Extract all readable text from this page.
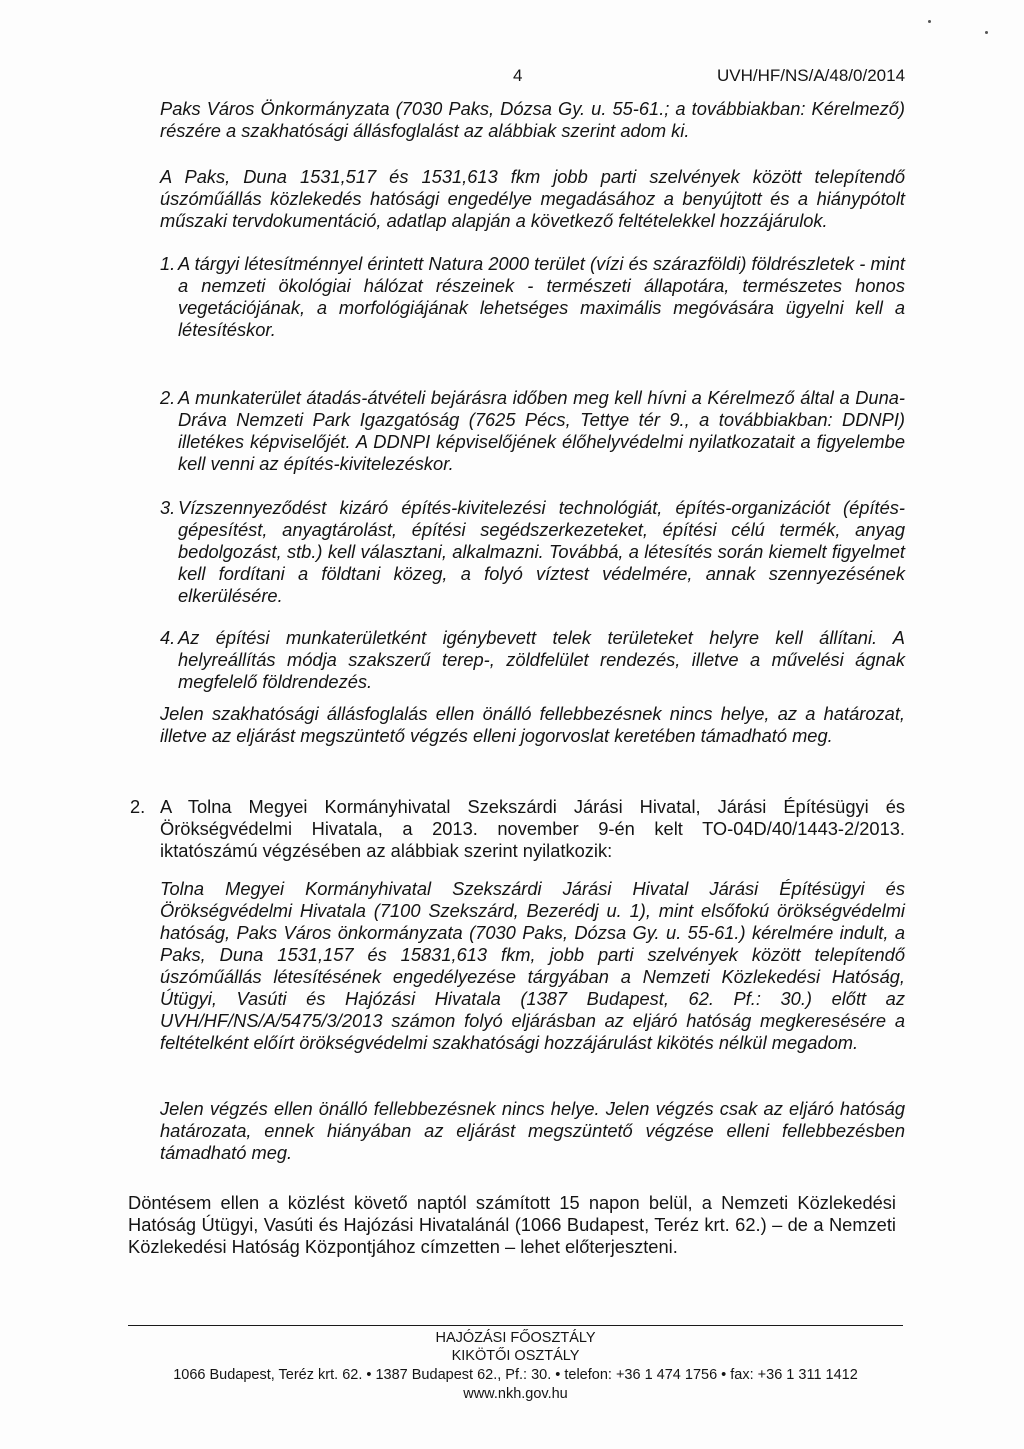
4	UVH/HF/NS/A/48/0/2014
Paks Város Önkormányzata (7030 Paks, Dózsa Gy. u. 55-61.; a továbbiakban: Kérelmező) részére a szakhatósági állásfoglalást az alábbiak szerint adom ki.
A Paks, Duna 1531,517 és 1531,613 fkm jobb parti szelvények között telepítendő úszóműállás közlekedés hatósági engedélye megadásához a benyújtott és a hiánypótolt műszaki tervdokumentáció, adatlap alapján a következő feltételekkel hozzájárulok.
1. A tárgyi létesítménnyel érintett Natura 2000 terület (vízi és szárazföldi) földrészletek - mint a nemzeti ökológiai hálózat részeinek - természeti állapotára, természetes honos vegetációjának, a morfológiájának lehetséges maximális megóvására ügyelni kell a létesítéskor.
2. A munkaterület átadás-átvételi bejárásra időben meg kell hívni a Kérelmező által a Duna-Dráva Nemzeti Park Igazgatóság (7625 Pécs, Tettye tér 9., a továbbiakban: DDNPI) illetékes képviselőjét. A DDNPI képviselőjének élőhelyvédelmi nyilatkozatait a figyelembe kell venni az építés-kivitelezéskor.
3. Vízszennyeződést kizáró építés-kivitelezési technológiát, építés-organizációt (építés-gépesítést, anyagtárolást, építési segédszerkezeteket, építési célú termék, anyag bedolgozást, stb.) kell választani, alkalmazni. Továbbá, a létesítés során kiemelt figyelmet kell fordítani a földtani közeg, a folyó víztest védelmére, annak szennyezésének elkerülésére.
4. Az építési munkaterületként igénybevett telek területeket helyre kell állítani. A helyreállítás módja szakszerű terep-, zöldfelület rendezés, illetve a művelési ágnak megfelelő földrendezés.
Jelen szakhatósági állásfoglalás ellen önálló fellebbezésnek nincs helye, az a határozat, illetve az eljárást megszüntető végzés elleni jogorvoslat keretében támadható meg.
2. A Tolna Megyei Kormányhivatal Szekszárdi Járási Hivatal, Járási Építésügyi és Örökségvédelmi Hivatala, a 2013. november 9-én kelt TO-04D/40/1443-2/2013. iktatószámú végzésében az alábbiak szerint nyilatkozik:
Tolna Megyei Kormányhivatal Szekszárdi Járási Hivatal Járási Építésügyi és Örökségvédelmi Hivatala (7100 Szekszárd, Bezerédj u. 1), mint elsőfokú örökségvédelmi hatóság, Paks Város önkormányzata (7030 Paks, Dózsa Gy. u. 55-61.) kérelmére indult, a Paks, Duna 1531,157 és 15831,613 fkm, jobb parti szelvények között telepítendő úszóműállás létesítésének engedélyezése tárgyában a Nemzeti Közlekedési Hatóság, Útügyi, Vasúti és Hajózási Hivatala (1387 Budapest, 62. Pf.: 30.) előtt az UVH/HF/NS/A/5475/3/2013 számon folyó eljárásban az eljáró hatóság megkeresésére a feltételként előírt örökségvédelmi szakhatósági hozzájárulást kikötés nélkül megadom.
Jelen végzés ellen önálló fellebbezésnek nincs helye. Jelen végzés csak az eljáró hatóság határozata, ennek hiányában az eljárást megszüntető végzése elleni fellebbezésben támadható meg.
Döntésem ellen a közlést követő naptól számított 15 napon belül, a Nemzeti Közlekedési Hatóság Útügyi, Vasúti és Hajózási Hivatalánál (1066 Budapest, Teréz krt. 62.) – de a Nemzeti Közlekedési Hatóság Központjához címzetten – lehet előterjeszteni.
HAJÓZÁSI FŐOSZTÁLY
KIKÖTŐI OSZTÁLY
1066 Budapest, Teréz krt. 62. • 1387 Budapest 62., Pf.: 30. • telefon: +36 1 474 1756 • fax: +36 1 311 1412
www.nkh.gov.hu
